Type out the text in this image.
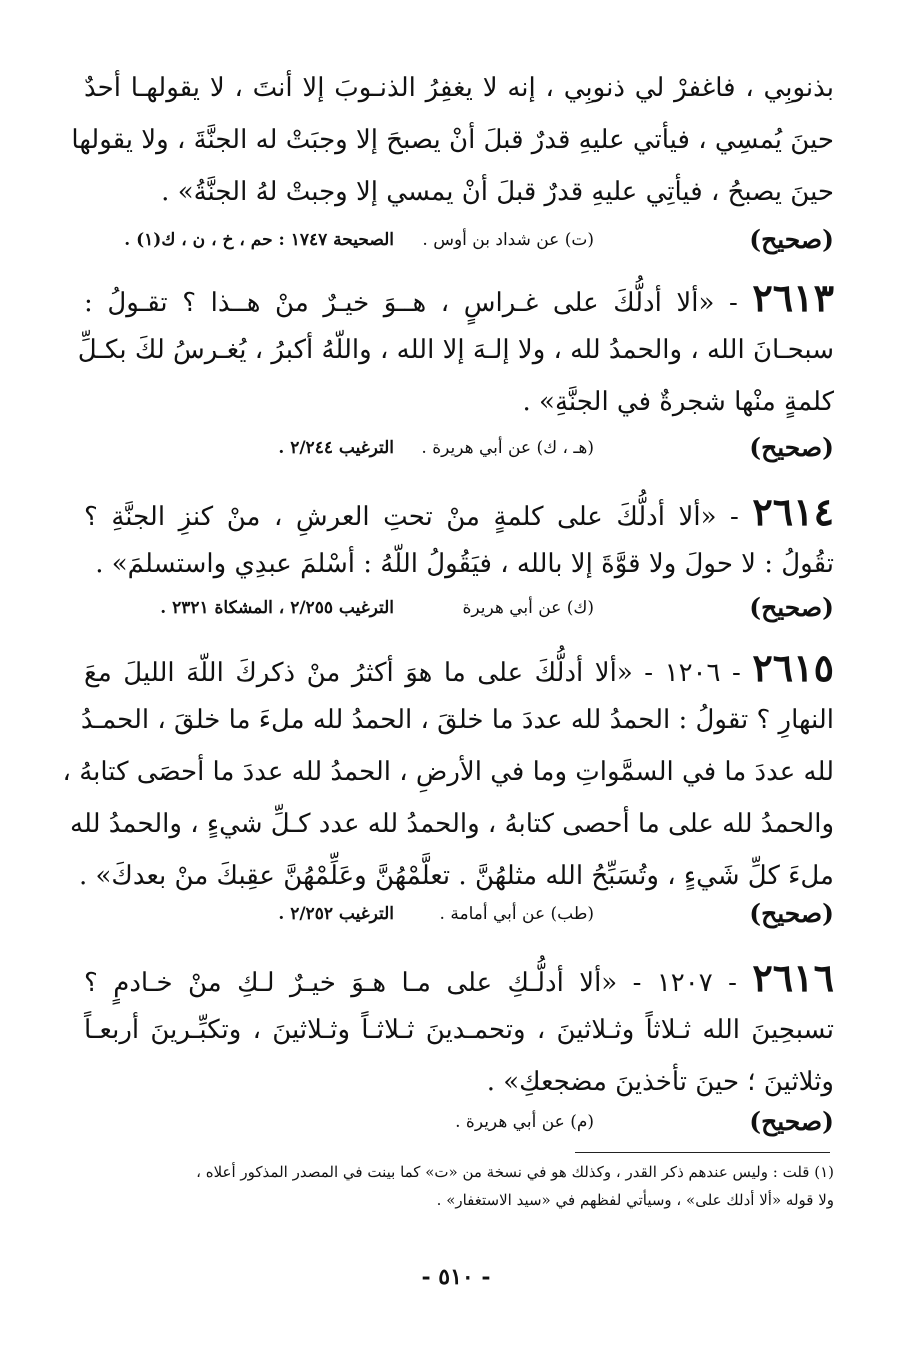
بذنوبِي ، فاغفرْ لي ذنوبِي ، إنه لا يغفِرُ الذنـوبَ إلا أنتَ ، لا يقولهـا أحدٌ
حينَ يُمسِي ، فيأتي عليهِ قدرٌ قبلَ أنْ يصبحَ إلا وجبَتْ له الجنَّةَ ، ولا يقولها
حينَ يصبحُ ، فيأتِي عليهِ قدرٌ قبلَ أنْ يمسي إلا وجبتْ لهُ الجنَّةُ» .
(صحيح)
(ت) عن شداد بن أوس .
الصحيحة ١٧٤٧ : حم ، خ ، ن ، ك(١) .
٢٦١٣ - «ألا أدلُّكَ على غـراسٍ ، هــوَ خيـرٌ منْ هــذا ؟ تقـولُ :
سبحـانَ الله ، والحمدُ لله ، ولا إلـهَ إلا الله ، واللّهُ أكبرُ ، يُغـرسُ لكَ بكـلِّ
كلمةٍ منْها شجرةٌ في الجنَّةِ» .
(صحيح)
(هـ ، ك) عن أبي هريرة .
الترغيب ٢/٢٤٤ .
٢٦١٤ - «ألا أدلُّكَ على كلمةٍ منْ تحتِ العرشِ ، منْ كنزِ الجنَّةِ ؟
تقُولُ : لا حولَ ولا قوَّةَ إلا بالله ، فيَقُولُ اللّهُ : أسْلمَ عبدِي واستسلمَ» .
(صحيح)
(ك) عن أبي هريرة
الترغيب ٢/٢٥٥ ، المشكاة ٢٣٢١ .
٢٦١٥ - ١٢٠٦ - «ألا أدلُّكَ على ما هوَ أكثرُ منْ ذكركَ اللّهَ الليلَ معَ
النهارِ ؟ تقولُ : الحمدُ لله عددَ ما خلقَ ، الحمدُ لله ملءَ ما خلقَ ، الحمـدُ
لله عددَ ما في السمَّواتِ وما في الأرضِ ، الحمدُ لله عددَ ما أحصَى كتابهُ ،
والحمدُ لله على ما أحصى كتابهُ ، والحمدُ لله عدد كـلِّ شيءٍ ، والحمدُ لله
ملءَ كلِّ شَيءٍ ، وتُسَبِّحُ الله مثلهُنَّ . تعلَّمْهُنَّ وعَلِّمْهُنَّ عقِبكَ منْ بعدكَ» .
(صحيح)
(طب) عن أبي أمامة .
الترغيب ٢/٢٥٢ .
٢٦١٦ - ١٢٠٧ - «ألا أدلُّـكِ على مـا هـوَ خيـرٌ لـكِ منْ خـادمٍ ؟
تسبحِينَ الله ثـلاثاً وثـلاثينَ ، وتحمـدينَ ثـلاثـاً وثـلاثينَ ، وتكبِّـرينَ أربعـاً
وثلاثينَ ؛ حينَ تأخذينَ مضجعكِ» .
(صحيح)
(م) عن أبي هريرة .
(١) قلت : وليس عندهم ذكر القدر ، وكذلك هو في نسخة من «ت» كما بينت في المصدر المذكور أعلاه ،
ولا قوله «ألا أدلك على» ، وسيأتي لفظهم في «سيد الاستغفار» .
- ٥١٠ -
